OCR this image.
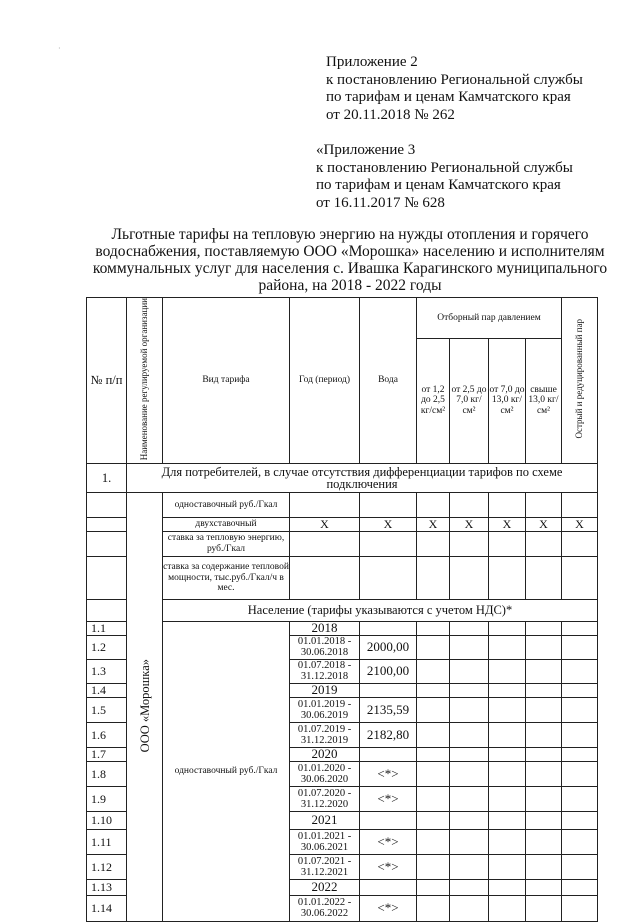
·
Приложение 2
к постановлению Региональной службы
по тарифам и ценам Камчатского края
от 20.11.2018 № 262
«Приложение 3
к постановлению Региональной службы
по тарифам и ценам Камчатского края
от 16.11.2017 № 628
Льготные тарифы на тепловую энергию на нужды отопления и горячего водоснабжения, поставляемую ООО «Морошка» населению и исполнителям коммунальных услуг для населения с. Ивашка Карагинского муниципального района, на 2018 - 2022 годы
№ п/п	Наименование регулируемой организации	Вид тарифа	Год (период)	Вода	Отборный пар давлением				Острый и редуцированный пар
					от 1,2 до 2,5 кг/см²	от 2,5 до 7,0 кг/см²	от 7,0 до 13,0 кг/см²	свыше 13,0 кг/см²	
1.	Для потребителей, в случае отсутствия дифференциации тарифов по схеме подключения								
	ООО «Морошка»	одноставочный руб./Гкал							
		двухставочный	X	X	X	X	X	X	X
		ставка за тепловую энергию, руб./Гкал							
		ставка за содержание тепловой мощности, тыс.руб./Гкал/ч в мес.							
		Население (тарифы указываются с учетом НДС)*							
1.1		одноставочный руб./Гкал	2018						
1.2			01.01.2018 - 30.06.2018	2000,00					
1.3			01.07.2018 - 31.12.2018	2100,00					
1.4			2019						
1.5			01.01.2019 - 30.06.2019	2135,59					
1.6			01.07.2019 - 31.12.2019	2182,80					
1.7			2020						
1.8			01.01.2020 - 30.06.2020	<*>					
1.9			01.07.2020 - 31.12.2020	<*>					
1.10			2021						
1.11			01.01.2021 - 30.06.2021	<*>					
1.12			01.07.2021 - 31.12.2021	<*>					
1.13			2022						
1.14			01.01.2022 - 30.06.2022	<*>					
